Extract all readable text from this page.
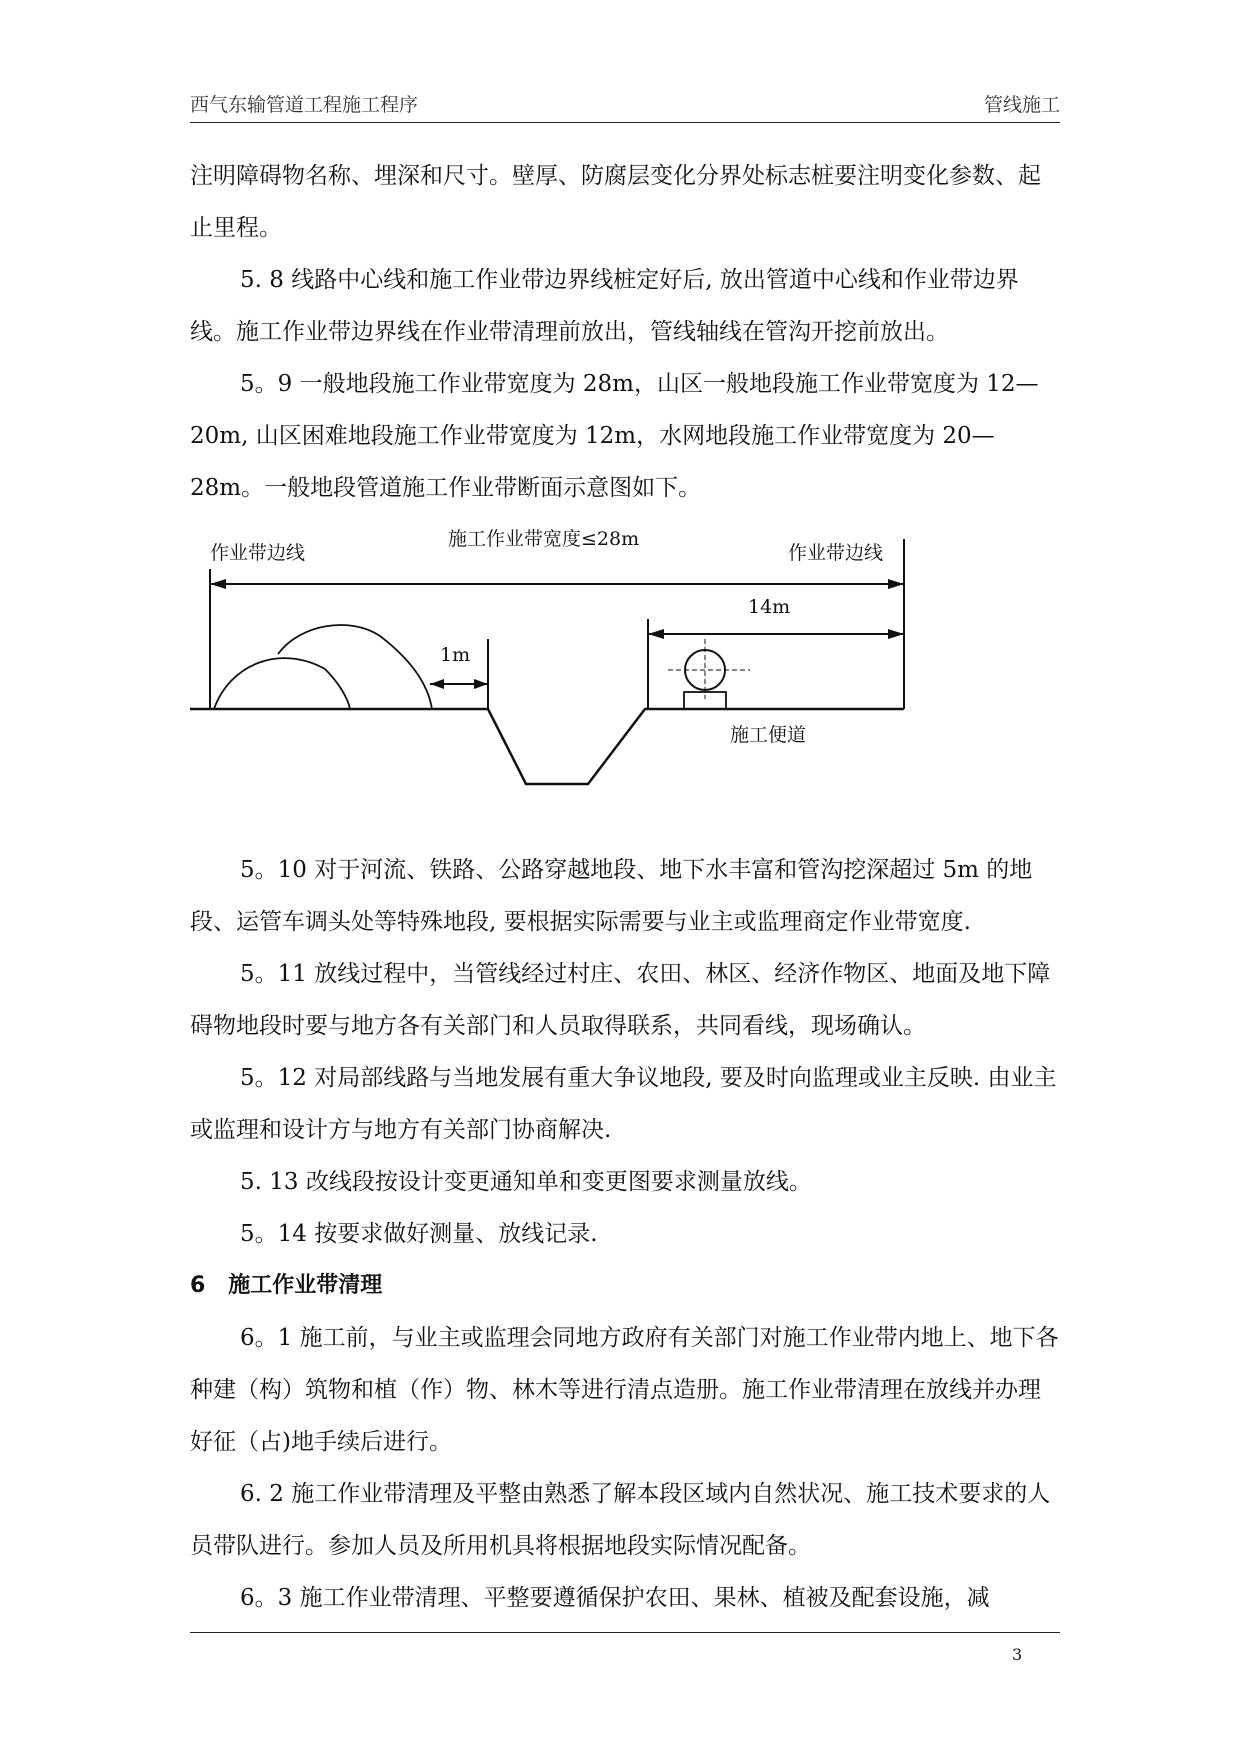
西气东输管道工程施工程序	管线施工

注明障碍物名称、埋深和尺寸。壁厚、防腐层变化分界处标志桩要注明变化参数、起止里程。

5. 8 线路中心线和施工作业带边界线桩定好后, 放出管道中心线和作业带边界线。施工作业带边界线在作业带清理前放出，管线轴线在管沟开挖前放出。

5。9 一般地段施工作业带宽度为 28m，山区一般地段施工作业带宽度为 12—20m, 山区困难地段施工作业带宽度为 12m，水网地段施工作业带宽度为 20—28m。一般地段管道施工作业带断面示意图如下。

作业带边线
施工作业带宽度≤28m
作业带边线
14m
1m
施工便道

5。10 对于河流、铁路、公路穿越地段、地下水丰富和管沟挖深超过 5m 的地段、运管车调头处等特殊地段, 要根据实际需要与业主或监理商定作业带宽度.

5。11 放线过程中，当管线经过村庄、农田、林区、经济作物区、地面及地下障碍物地段时要与地方各有关部门和人员取得联系，共同看线，现场确认。

5。12 对局部线路与当地发展有重大争议地段, 要及时向监理或业主反映. 由业主或监理和设计方与地方有关部门协商解决.

5. 13 改线段按设计变更通知单和变更图要求测量放线。

5。14 按要求做好测量、放线记录.

6 施工作业带清理

6。1 施工前，与业主或监理会同地方政府有关部门对施工作业带内地上、地下各种建（构）筑物和植（作）物、林木等进行清点造册。施工作业带清理在放线并办理好征（占)地手续后进行。

6. 2 施工作业带清理及平整由熟悉了解本段区域内自然状况、施工技术要求的人员带队进行。参加人员及所用机具将根据地段实际情况配备。

6。3 施工作业带清理、平整要遵循保护农田、果林、植被及配套设施，减

3
